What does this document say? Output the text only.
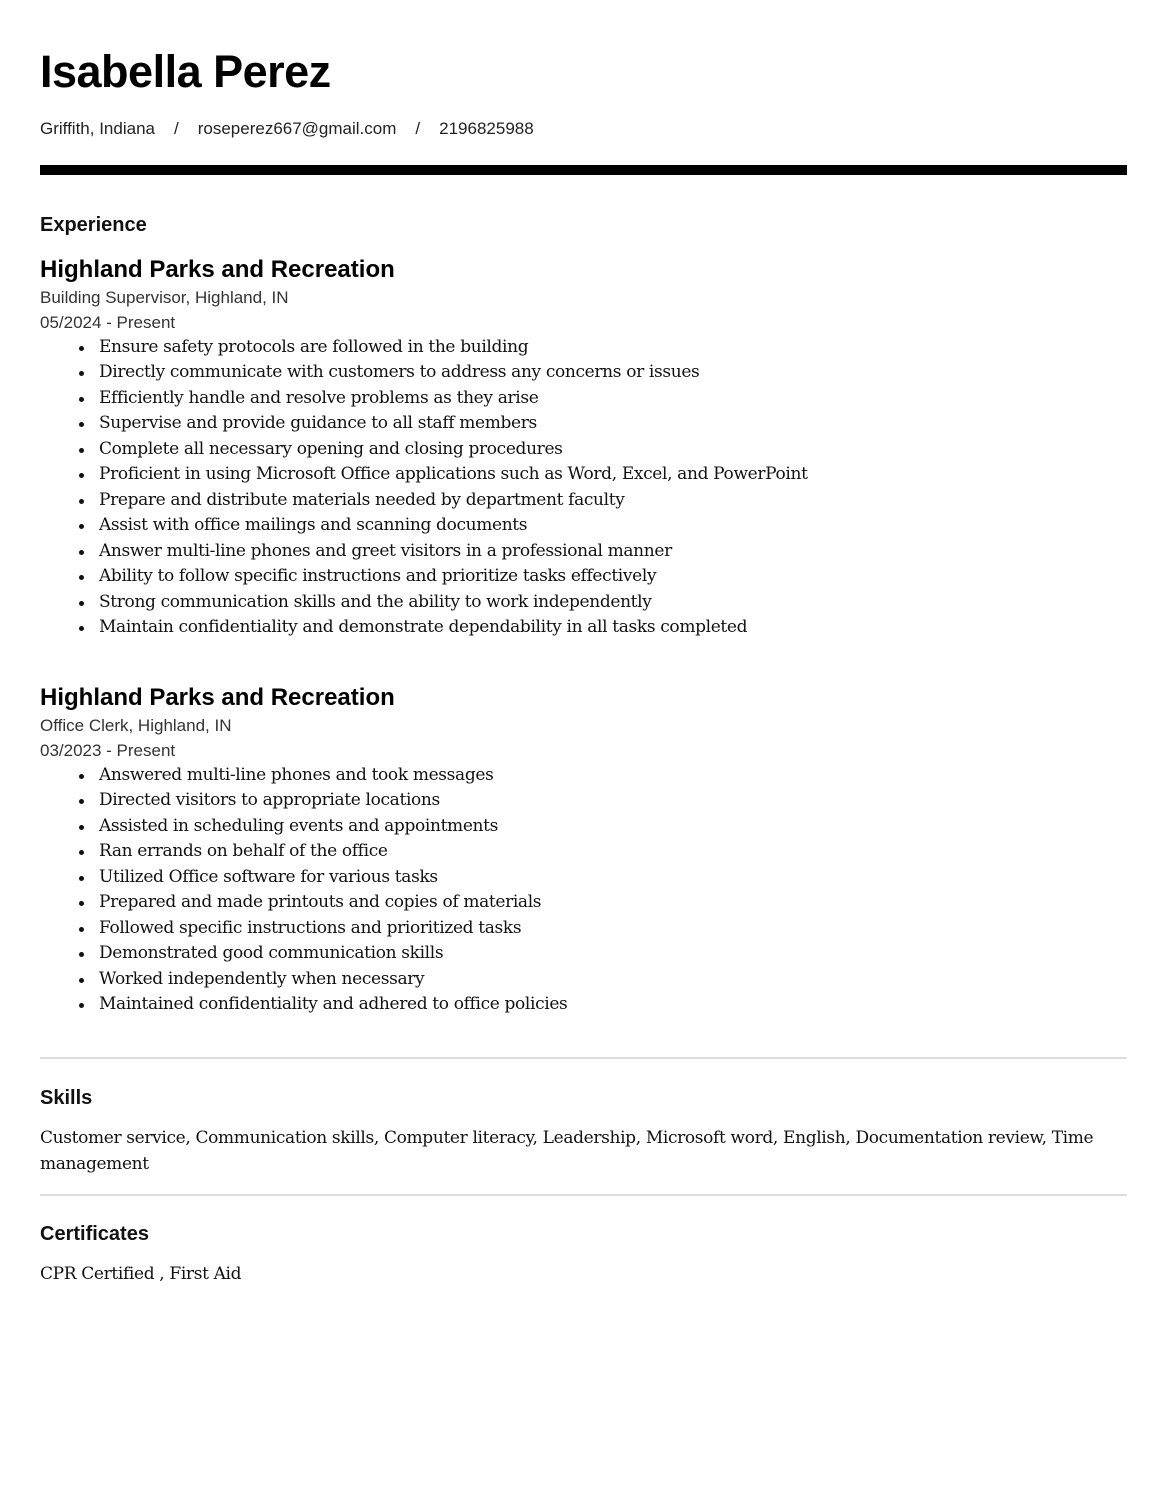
Isabella Perez
Griffith, Indiana / roseperez667@gmail.com / 2196825988
Experience
Highland Parks and Recreation
Building Supervisor, Highland, IN
05/2024 - Present
Ensure safety protocols are followed in the building
Directly communicate with customers to address any concerns or issues
Efficiently handle and resolve problems as they arise
Supervise and provide guidance to all staff members
Complete all necessary opening and closing procedures
Proficient in using Microsoft Office applications such as Word, Excel, and PowerPoint
Prepare and distribute materials needed by department faculty
Assist with office mailings and scanning documents
Answer multi-line phones and greet visitors in a professional manner
Ability to follow specific instructions and prioritize tasks effectively
Strong communication skills and the ability to work independently
Maintain confidentiality and demonstrate dependability in all tasks completed
Highland Parks and Recreation
Office Clerk, Highland, IN
03/2023 - Present
Answered multi-line phones and took messages
Directed visitors to appropriate locations
Assisted in scheduling events and appointments
Ran errands on behalf of the office
Utilized Office software for various tasks
Prepared and made printouts and copies of materials
Followed specific instructions and prioritized tasks
Demonstrated good communication skills
Worked independently when necessary
Maintained confidentiality and adhered to office policies
Skills
Customer service, Communication skills, Computer literacy, Leadership, Microsoft word, English, Documentation review, Time management
Certificates
CPR Certified , First Aid
